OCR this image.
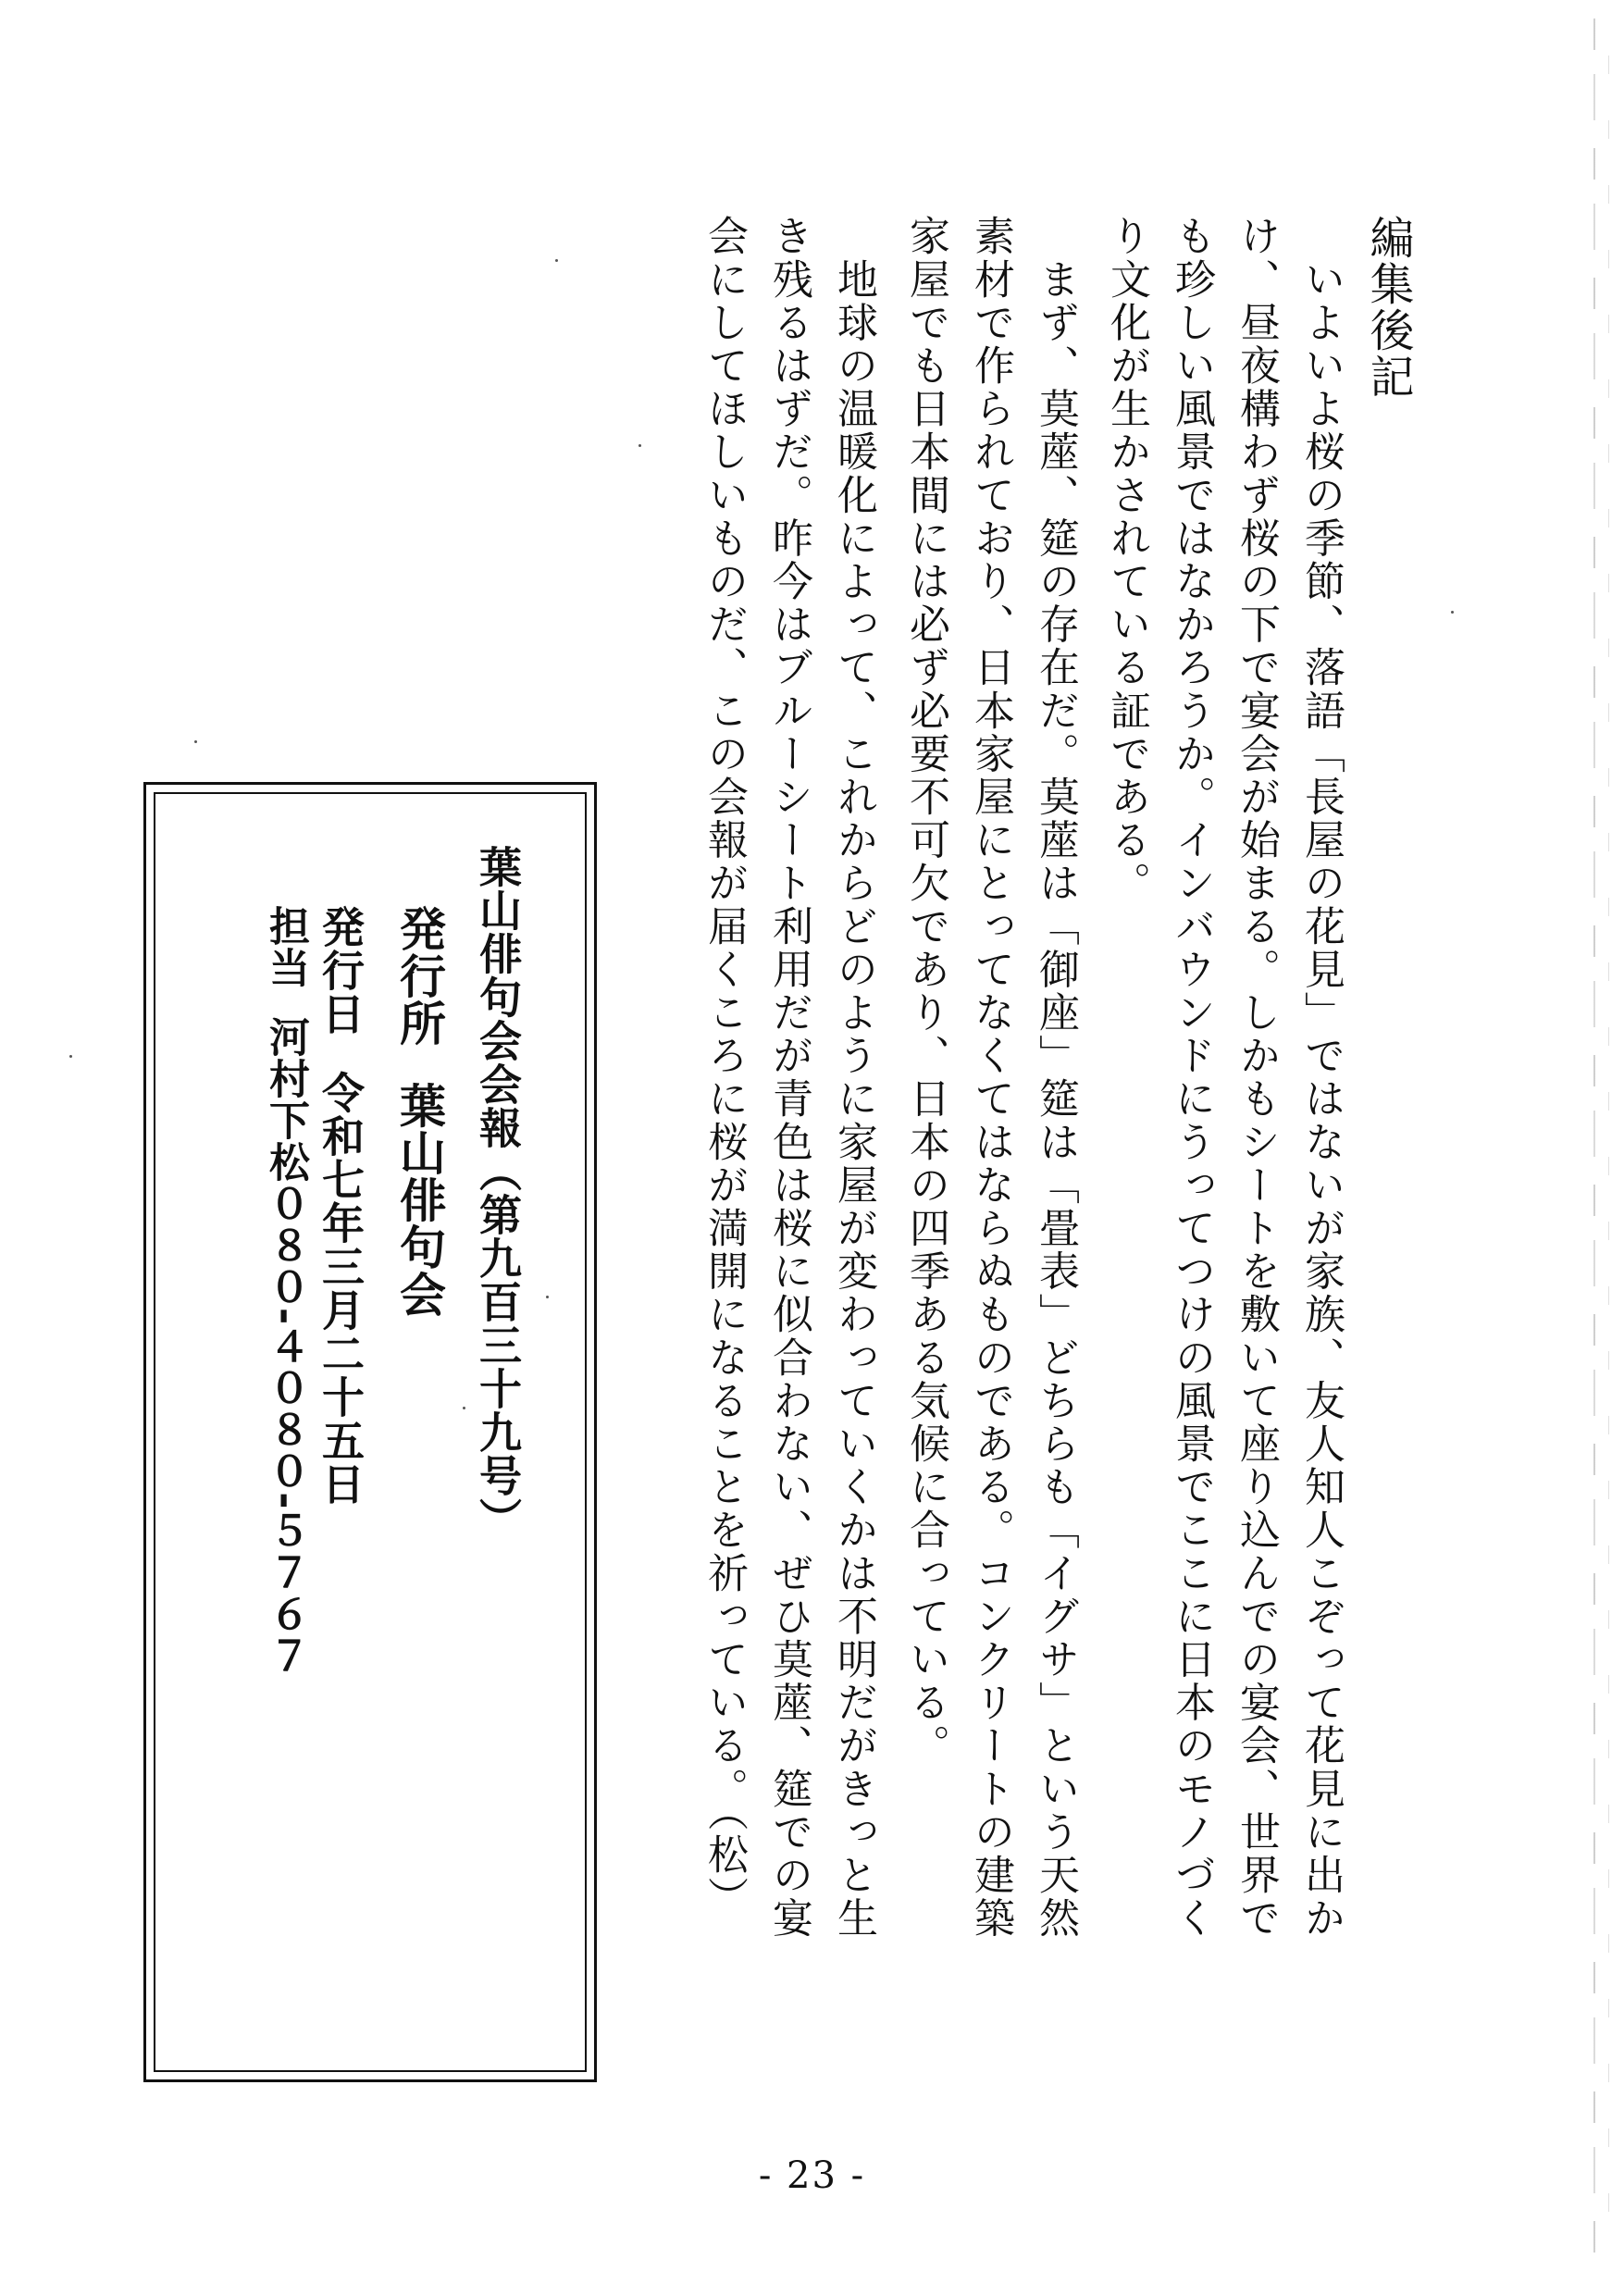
編集後記
　いよいよ桜の季節、落語「長屋の花見」ではないが家族、友人知人こぞって花見に出か
け、昼夜構わず桜の下で宴会が始まる。しかもシートを敷いて座り込んでの宴会、世界で
も珍しい風景ではなかろうか。インバウンドにうってつけの風景でここに日本のモノづく
り文化が生かされている証である。
　まず、莫蓙、筵の存在だ。莫蓙は「御座」筵は「畳表」どちらも「イグサ」という天然
素材で作られており、日本家屋にとってなくてはならぬものである。コンクリートの建築
家屋でも日本間には必ず必要不可欠であり、日本の四季ある気候に合っている。
　地球の温暖化によって、これからどのように家屋が変わっていくかは不明だがきっと生
き残るはずだ。昨今はブルーシート利用だが青色は桜に似合わない、ぜひ莫蓙、筵での宴
会にしてほしいものだ、この会報が届くころに桜が満開になることを祈っている。（松）
葉山俳句会会報（第九百三十九号）
発行所葉山俳句会
発行日令和七年三月二十五日
担当河村下松０８０-４０８０-５７６７
- 23 -
